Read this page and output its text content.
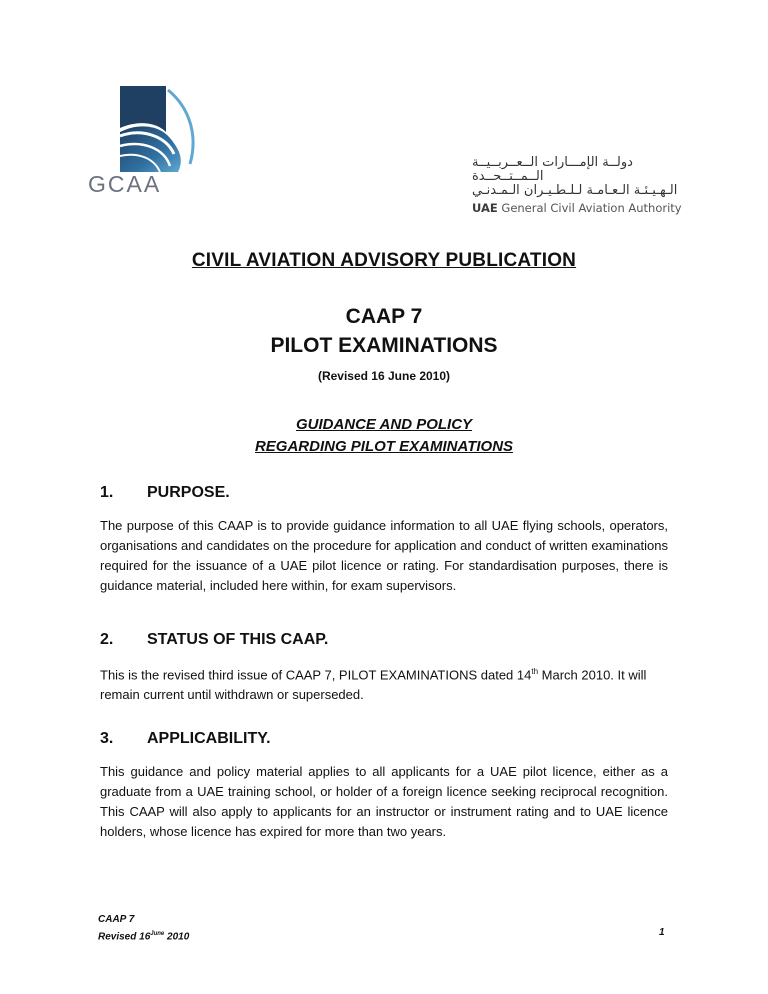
GCAA
دولــة الإمـــارات الــعــربــيــة الــمــتــحــدة
الـهـيـئـة الـعـامـة لـلـطـيـران الـمـدنـي
UAE General Civil Aviation Authority
CIVIL AVIATION ADVISORY PUBLICATION
CAAP 7
PILOT EXAMINATIONS
(Revised 16 June 2010)
GUIDANCE AND POLICY
REGARDING PILOT EXAMINATIONS
1. PURPOSE.

The purpose of this CAAP is to provide guidance information to all UAE flying schools, operators, organisations and candidates on the procedure for application and conduct of written examinations required for the issuance of a UAE pilot licence or rating. For standardisation purposes, there is guidance material, included here within, for exam supervisors.

2. STATUS OF THIS CAAP.

This is the revised third issue of CAAP 7, PILOT EXAMINATIONS dated 14th March 2010. It will remain current until withdrawn or superseded.

3. APPLICABILITY.

This guidance and policy material applies to all applicants for a UAE pilot licence, either as a graduate from a UAE training school, or holder of a foreign licence seeking reciprocal recognition. This CAAP will also apply to applicants for an instructor or instrument rating and to UAE licence holders, whose licence has expired for more than two years.

CAAP 7
Revised $16^{June}$ 2010	1
